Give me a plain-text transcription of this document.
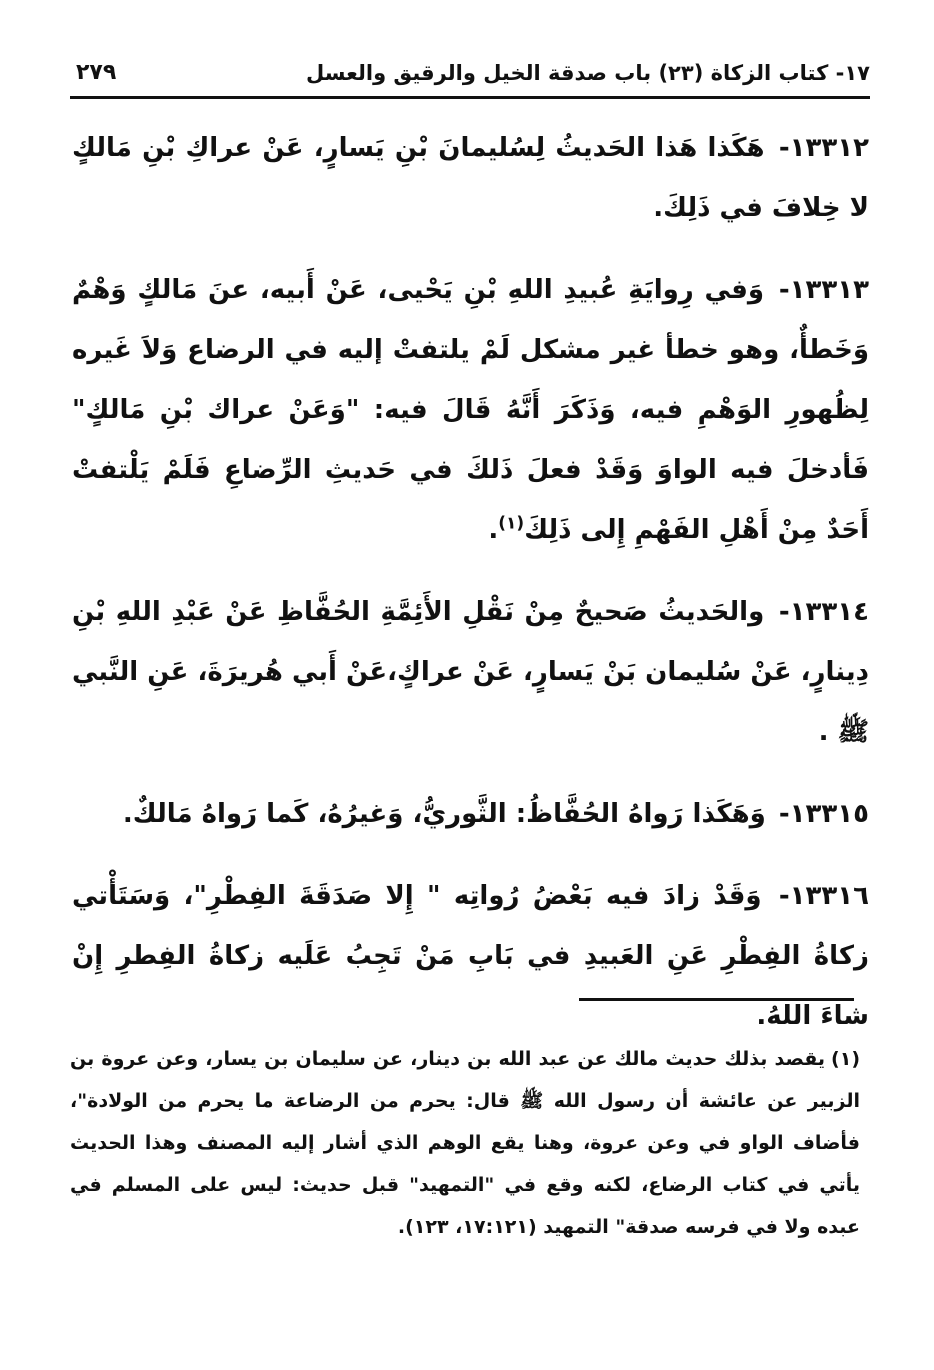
١٧- كتاب الزكاة (٢٣) باب صدقة الخيل والرقيق والعسل
٢٧٩

١٣٣١٢- هَكَذا هَذا الحَديثُ لِسُليمانَ بْنِ يَسارٍ، عَنْ عراكِ بْنِ مَالكٍ لا خِلافَ في ذَلِكَ.

١٣٣١٣- وَفي رِوايَةِ عُبيدِ اللهِ بْنِ يَحْيى، عَنْ أَبيه، عنَ مَالكٍ وَهْمٌ وَخَطأٌ، وهو خطأ غير مشكل لَمْ يلتفتْ إليه في الرضاع وَلاَ غَيره لِظُهورِ الوَهْمِ فيه، وَذَكَرَ أَنَّهُ قَالَ فيه: "وَعَنْ عراك بْنِ مَالكٍ" فَأدخلَ فيه الواوَ وَقَدْ فعلَ ذَلكَ في حَديثِ الرِّضاعِ فَلَمْ يَلْتفتْ أَحَدٌ مِنْ أَهْلِ الفَهْمِ إِلى ذَلِكَ$^{(١)}$.

١٣٣١٤- والحَديثُ صَحيحٌ مِنْ نَقْلِ الأَئِمَّةِ الحُفَّاظِ عَنْ عَبْدِ اللهِ بْنِ دِينارٍ، عَنْ سُليمان بَنْ يَسارٍ، عَنْ عراكٍ،عَنْ أَبي هُريرَةَ، عَنِ النَّبي ﷺ .

١٣٣١٥- وَهَكَذا رَواهُ الحُفَّاظُ: الثَّوريُّ، وَغيرُهُ، كَما رَواهُ مَالكٌ.

١٣٣١٦- وَقَدْ زادَ فيه بَعْضُ رُواتِه " إِلا صَدَقَةَ الفِطْرِ"، وَسَتَأْتي زكاةُ الفِطْرِ عَنِ العَبيدِ في بَابِ مَنْ تَجِبُ عَلَيه زكاةُ الفِطرِ إِنْ شاءَ اللهُ.

(١)يقصد بذلك حديث مالك عن عبد الله بن دينار، عن سليمان بن يسار، وعن عروة بن الزبير عن عائشة أن رسول الله ﷺ قال: يحرم من الرضاعة ما يحرم من الولادة"، فأضاف الواو في وعن عروة، وهنا يقع الوهم الذي أشار إليه المصنف وهذا الحديث يأتي في كتاب الرضاع، لكنه وقع في "التمهيد" قبل حديث: ليس على المسلم في عبده ولا في فرسه صدقة" التمهيد (١٧:١٢١، ١٢٣).
